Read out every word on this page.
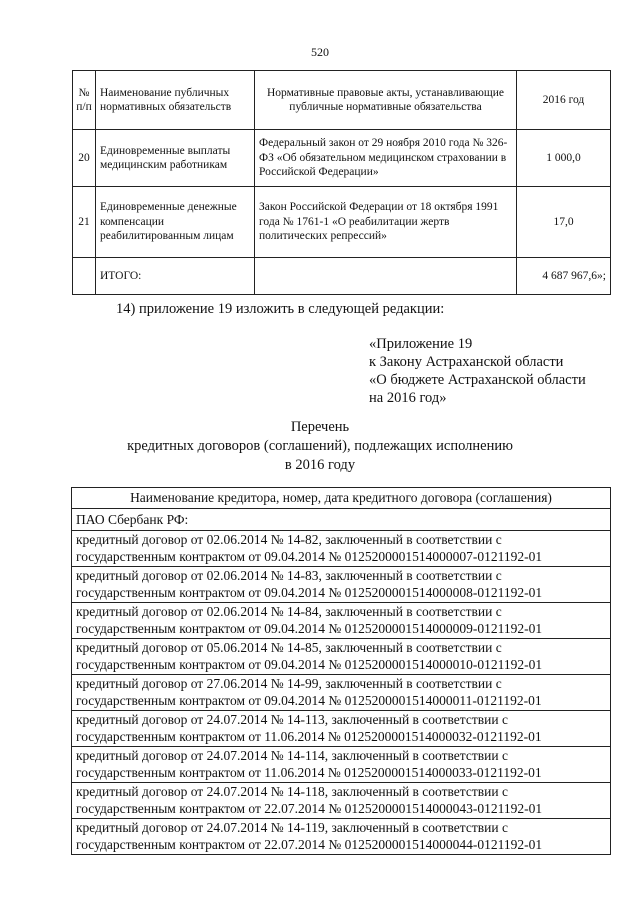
520
№ п/п	Наименование публичных нормативных обязательств	Нормативные правовые акты, устанавливающие публичные нормативные обязательства	2016 год
20	Единовременные выплаты медицинским работникам	Федеральный закон от 29 ноября 2010 года № 326-ФЗ «Об обязательном медицинском страховании в Российской Федерации»	1 000,0
21	Единовременные денежные компенсации реабилитированным лицам	Закон Российской Федерации от 18 октября 1991 года № 1761-1 «О реабилитации жертв политических репрессий»	17,0
	ИТОГО:		4 687 967,6»;
14) приложение 19 изложить в следующей редакции:
«Приложение 19
к Закону Астраханской области
«О бюджете Астраханской области
на 2016 год»
Перечень
кредитных договоров (соглашений), подлежащих исполнению
в 2016 году
Наименование кредитора, номер, дата кредитного договора (соглашения)
ПАО Сбербанк РФ:

кредитный договор от 02.06.2014 № 14-82, заключенный в соответствии с
государственным контрактом от 09.04.2014 № 0125200001514000007-0121192-01

кредитный договор от 02.06.2014 № 14-83, заключенный в соответствии с
государственным контрактом от 09.04.2014 № 0125200001514000008-0121192-01

кредитный договор от 02.06.2014 № 14-84, заключенный в соответствии с
государственным контрактом от 09.04.2014 № 0125200001514000009-0121192-01

кредитный договор от 05.06.2014 № 14-85, заключенный в соответствии с
государственным контрактом от 09.04.2014 № 0125200001514000010-0121192-01

кредитный договор от 27.06.2014 № 14-99, заключенный в соответствии с
государственным контрактом от 09.04.2014 № 0125200001514000011-0121192-01

кредитный договор от 24.07.2014 № 14-113, заключенный в соответствии с
государственным контрактом от 11.06.2014 № 0125200001514000032-0121192-01

кредитный договор от 24.07.2014 № 14-114, заключенный в соответствии с
государственным контрактом от 11.06.2014 № 0125200001514000033-0121192-01

кредитный договор от 24.07.2014 № 14-118, заключенный в соответствии с
государственным контрактом от 22.07.2014 № 0125200001514000043-0121192-01

кредитный договор от 24.07.2014 № 14-119, заключенный в соответствии с
государственным контрактом от 22.07.2014 № 0125200001514000044-0121192-01
